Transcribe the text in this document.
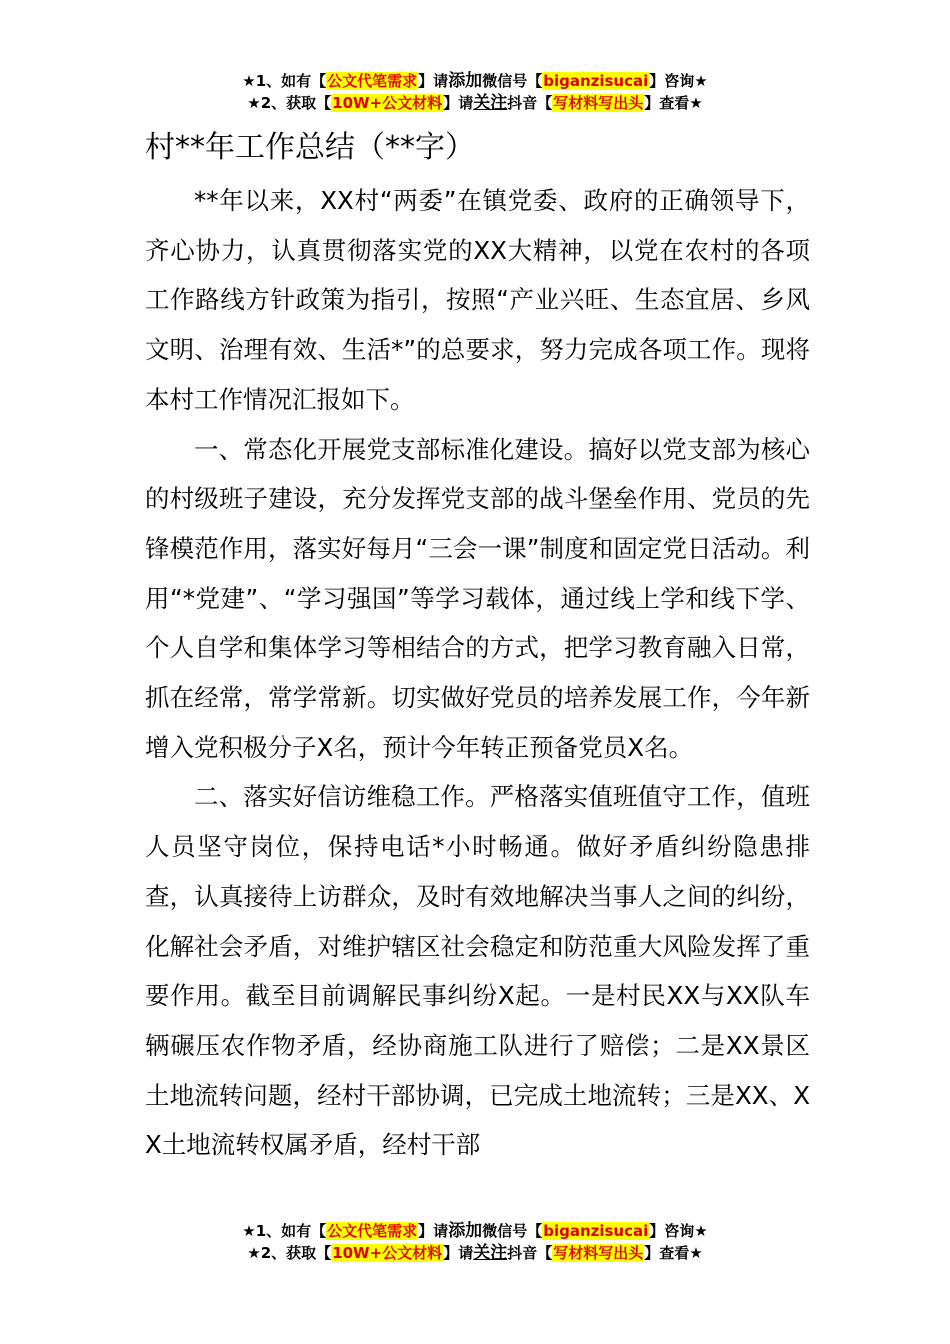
★1、如有【公文代笔需求】请添加微信号【biganzisucai】咨询★
★2、获取【10W+公文材料】请关注抖音【写材料写出头】查看★
村**年工作总结（**字）

**年以来，XX村“两委”在镇党委、政府的正确领导下，齐心协力，认真贯彻落实党的XX大精神，以党在农村的各项工作路线方针政策为指引，按照“产业兴旺、生态宜居、乡风文明、治理有效、生活*”的总要求，努力完成各项工作。现将本村工作情况汇报如下。

一、常态化开展党支部标准化建设。搞好以党支部为核心的村级班子建设，充分发挥党支部的战斗堡垒作用、党员的先锋模范作用，落实好每月“三会一课”制度和固定党日活动。利用“*党建”、“学习强国”等学习载体，通过线上学和线下学、个人自学和集体学习等相结合的方式，把学习教育融入日常，抓在经常，常学常新。切实做好党员的培养发展工作，今年新增入党积极分子X名，预计今年转正预备党员X名。

二、落实好信访维稳工作。严格落实值班值守工作，值班人员坚守岗位，保持电话*小时畅通。做好矛盾纠纷隐患排查，认真接待上访群众，及时有效地解决当事人之间的纠纷，化解社会矛盾，对维护辖区社会稳定和防范重大风险发挥了重要作用。截至目前调解民事纠纷X起。一是村民XX与XX队车辆碾压农作物矛盾，经协商施工队进行了赔偿；二是XX景区土地流转问题，经村干部协调，已完成土地流转；三是XX、XX土地流转权属矛盾，经村干部

★1、如有【公文代笔需求】请添加微信号【biganzisucai】咨询★
★2、获取【10W+公文材料】请关注抖音【写材料写出头】查看★
